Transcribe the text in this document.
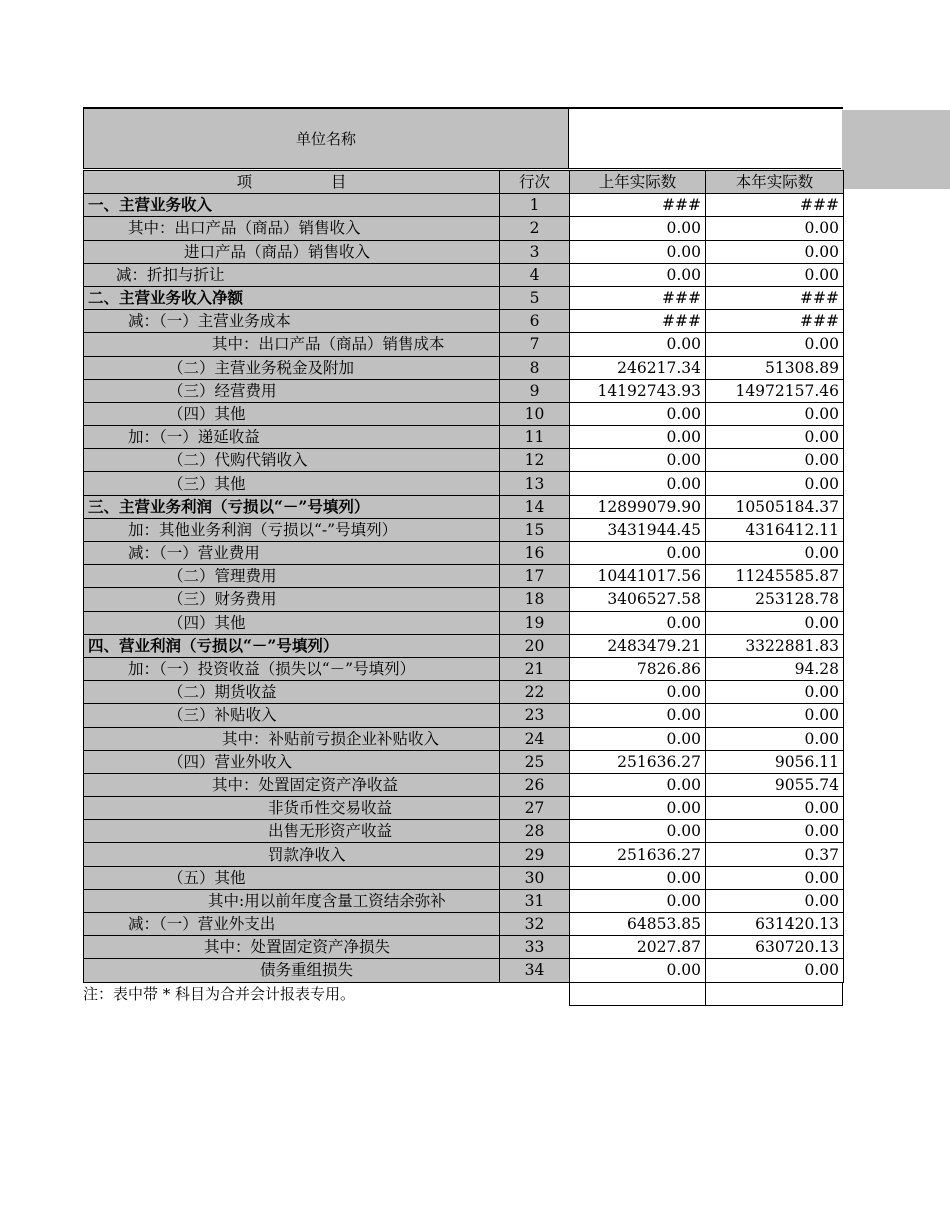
单位名称
项                目	行次	上年实际数	本年实际数
一、主营业务收入	1	###	###
其中：出口产品（商品）销售收入	2	0.00	0.00
进口产品（商品）销售收入	3	0.00	0.00
减：折扣与折让	4	0.00	0.00
二、主营业务收入净额	5	###	###
减：（一）主营业务成本	6	###	###
其中：出口产品（商品）销售成本	7	0.00	0.00
（二）主营业务税金及附加	8	246217.34	51308.89
（三）经营费用	9	14192743.93	14972157.46
（四）其他	10	0.00	0.00
加：（一）递延收益	11	0.00	0.00
（二）代购代销收入	12	0.00	0.00
（三）其他	13	0.00	0.00
三、主营业务利润（亏损以“－”号填列）	14	12899079.90	10505184.37
加：其他业务利润（亏损以“-”号填列）	15	3431944.45	4316412.11
减：（一）营业费用	16	0.00	0.00
（二）管理费用	17	10441017.56	11245585.87
（三）财务费用	18	3406527.58	253128.78
（四）其他	19	0.00	0.00
四、营业利润（亏损以“－”号填列）	20	2483479.21	3322881.83
加：（一）投资收益（损失以“－”号填列）	21	7826.86	94.28
（二）期货收益	22	0.00	0.00
（三）补贴收入	23	0.00	0.00
其中：补贴前亏损企业补贴收入	24	0.00	0.00
（四）营业外收入	25	251636.27	9056.11
其中：处置固定资产净收益	26	0.00	9055.74
非货币性交易收益	27	0.00	0.00
出售无形资产收益	28	0.00	0.00
罚款净收入	29	251636.27	0.37
（五）其他	30	0.00	0.00
其中:用以前年度含量工资结余弥补	31	0.00	0.00
减：（一）营业外支出	32	64853.85	631420.13
其中：处置固定资产净损失	33	2027.87	630720.13
债务重组损失	34	0.00	0.00
注：表中带 * 科目为合并会计报表专用。
